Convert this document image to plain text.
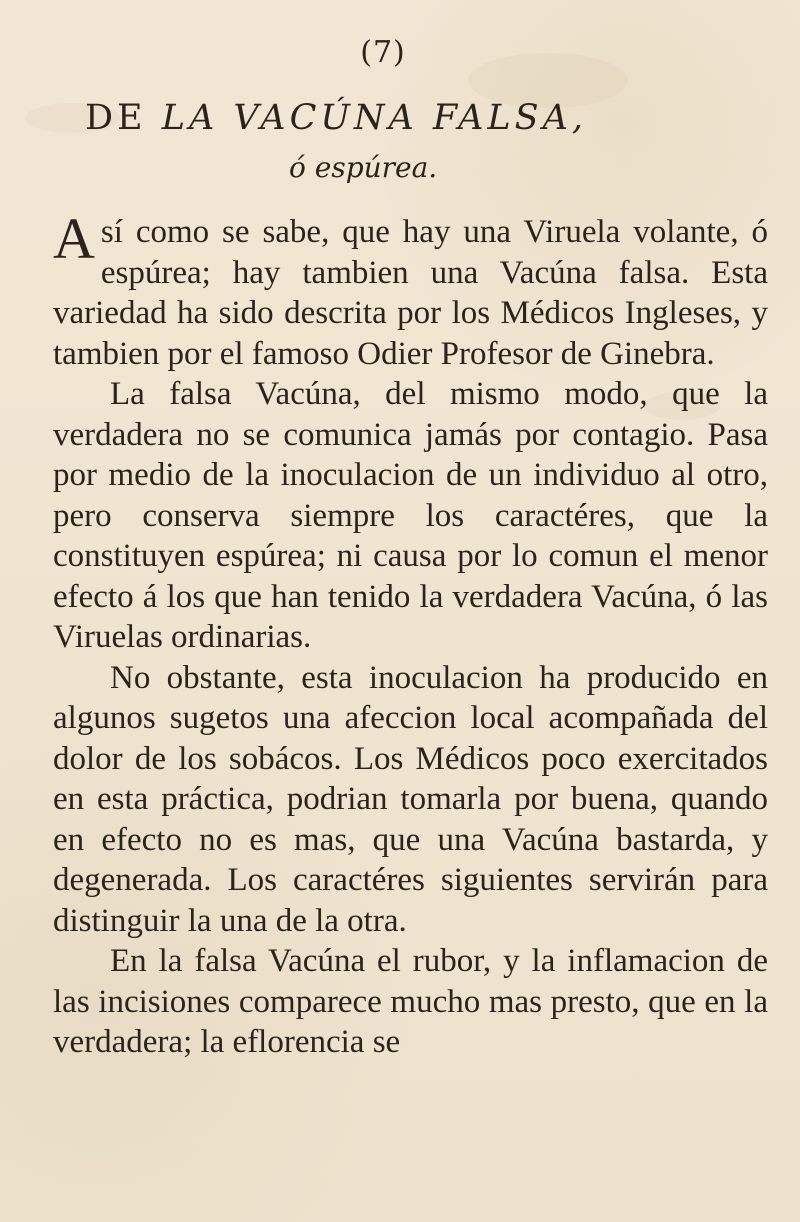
(7)
DE LA VACÚNA FALSA,
ó espúrea.

A sí como se sabe, que hay una Viruela volante, ó espúrea; hay tambien una Vacúna falsa. Esta variedad ha sido descrita por los Médicos Ingleses, y tambien por el famoso Odier Profesor de Ginebra.

La falsa Vacúna, del mismo modo, que la verdadera no se comunica jamás por contagio. Pasa por medio de la inoculacion de un individuo al otro, pero conserva siempre los caractéres, que la constituyen espúrea; ni causa por lo comun el menor efecto á los que han tenido la verdadera Vacúna, ó las Viruelas ordinarias.

No obstante, esta inoculacion ha producido en algunos sugetos una afeccion local acompañada del dolor de los sobácos. Los Médicos poco exercitados en esta práctica, podrian tomarla por buena, quando en efecto no es mas, que una Vacúna bastarda, y degenerada. Los caractéres siguientes servirán para distinguir la una de la otra.

En la falsa Vacúna el rubor, y la inflamacion de las incisiones comparece mucho mas presto, que en la verdadera; la eflorencia se
